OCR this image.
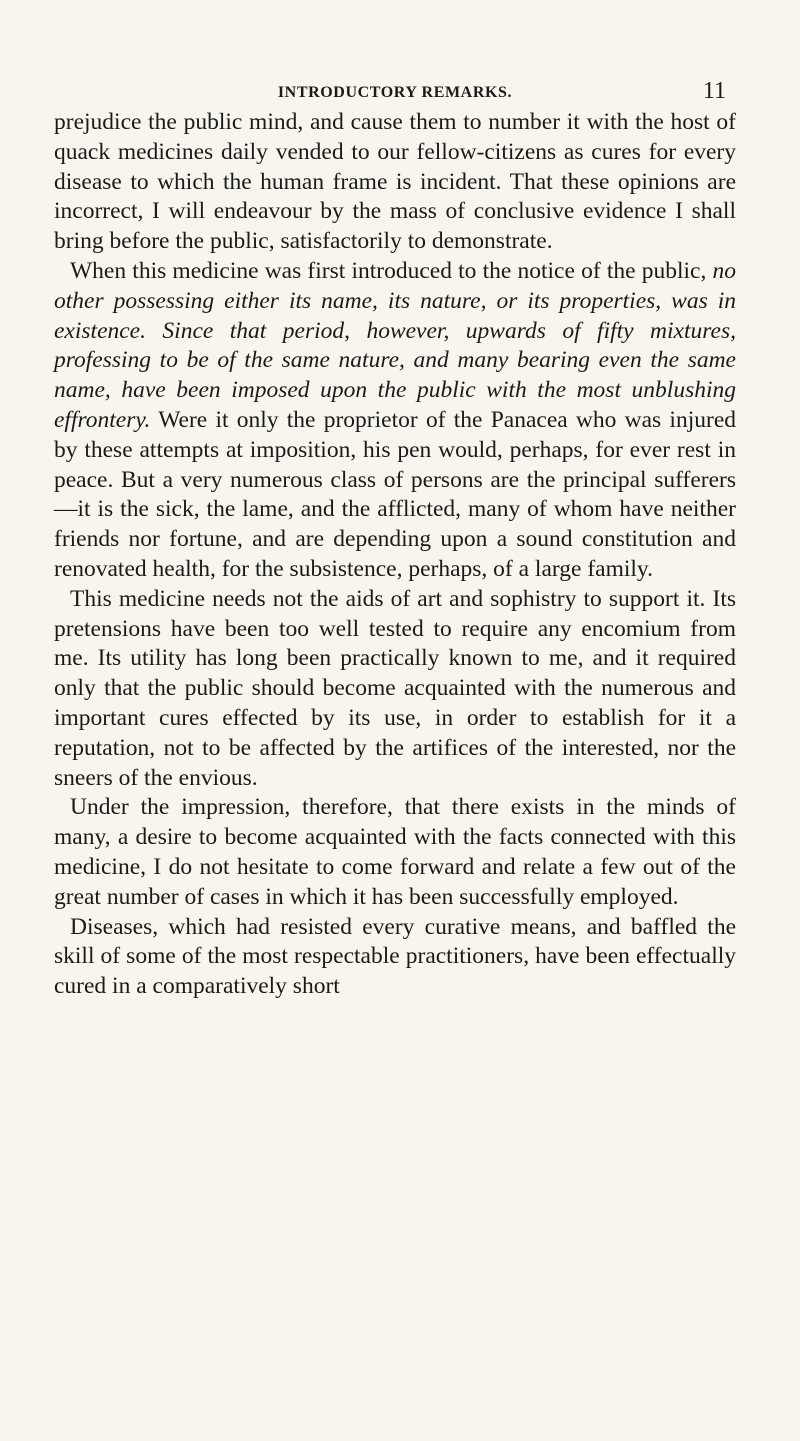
INTRODUCTORY REMARKS.	11

prejudice the public mind, and cause them to number it with the host of quack medicines daily vended to our fellow-citizens as cures for every disease to which the human frame is incident. That these opinions are incorrect, I will endeavour by the mass of conclusive evidence I shall bring before the public, satisfactorily to demonstrate.

When this medicine was first introduced to the notice of the public, no other possessing either its name, its nature, or its properties, was in existence. Since that period, however, upwards of fifty mixtures, professing to be of the same nature, and many bearing even the same name, have been imposed upon the public with the most unblushing effrontery. Were it only the proprietor of the Panacea who was injured by these attempts at imposition, his pen would, perhaps, for ever rest in peace. But a very numerous class of persons are the principal sufferers—it is the sick, the lame, and the afflicted, many of whom have neither friends nor fortune, and are depending upon a sound constitution and renovated health, for the subsistence, perhaps, of a large family.

This medicine needs not the aids of art and sophistry to support it. Its pretensions have been too well tested to require any encomium from me. Its utility has long been practically known to me, and it required only that the public should become acquainted with the numerous and important cures effected by its use, in order to establish for it a reputation, not to be affected by the artifices of the interested, nor the sneers of the envious.

Under the impression, therefore, that there exists in the minds of many, a desire to become acquainted with the facts connected with this medicine, I do not hesitate to come forward and relate a few out of the great number of cases in which it has been successfully employed.

Diseases, which had resisted every curative means, and baffled the skill of some of the most respectable practitioners, have been effectually cured in a comparatively short
